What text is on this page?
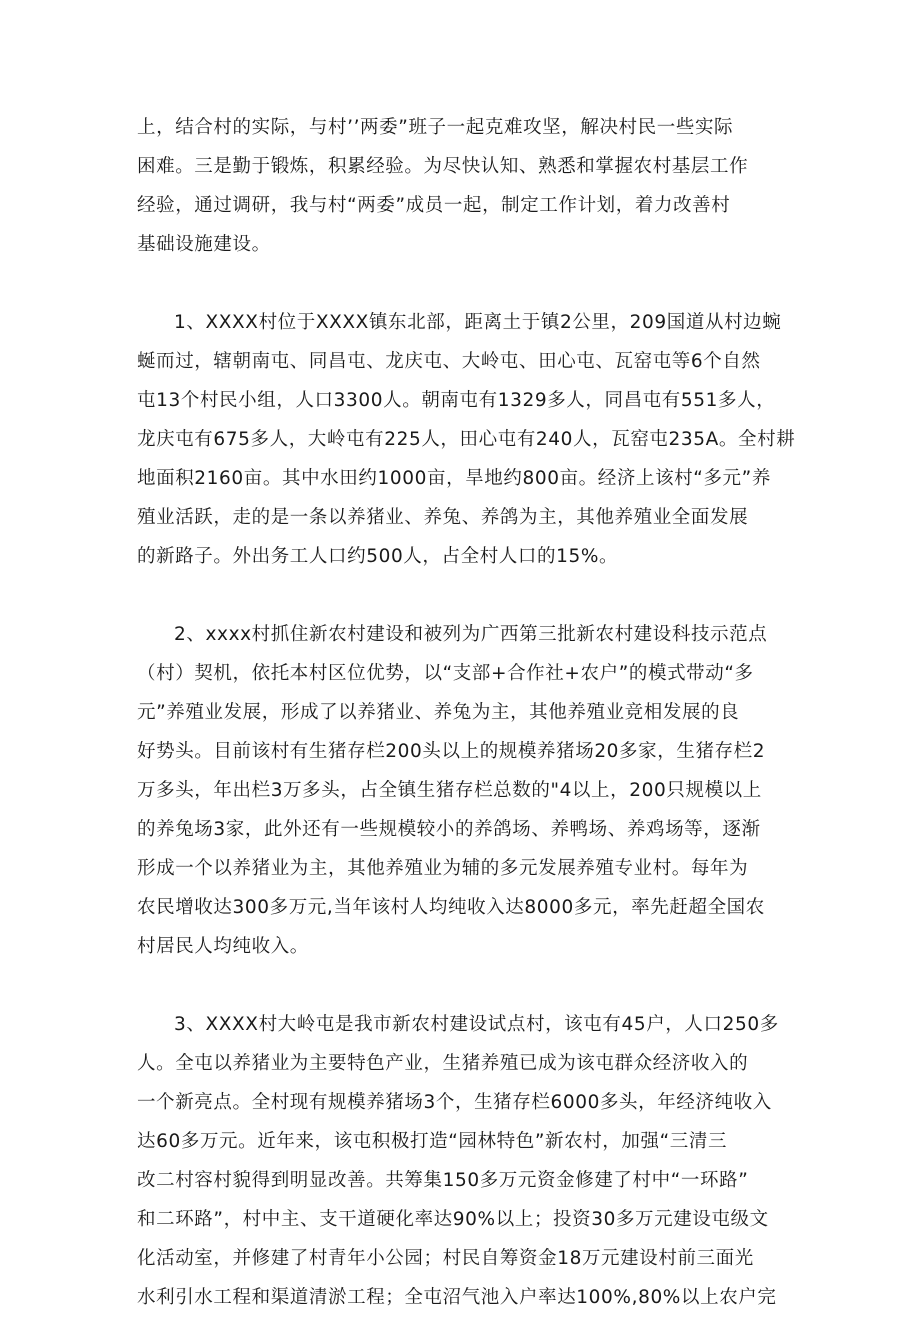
上，结合村的实际，与村’’两委”班子一起克难攻坚，解决村民一些实际
困难。三是勤于锻炼，积累经验。为尽快认知、熟悉和掌握农村基层工作
经验，通过调研，我与村“两委”成员一起，制定工作计划，着力改善村
基础设施建设。
1、XXXX村位于XXXX镇东北部，距离土于镇2公里，209国道从村边蜿
蜒而过，辖朝南屯、同昌屯、龙庆屯、大岭屯、田心屯、瓦窑屯等6个自然
屯13个村民小组，人口3300人。朝南屯有1329多人，同昌屯有551多人，
龙庆屯有675多人，大岭屯有225人，田心屯有240人，瓦窑屯235A。全村耕
地面积2160亩。其中水田约1000亩，旱地约800亩。经济上该村“多元”养
殖业活跃，走的是一条以养猪业、养兔、养鸽为主，其他养殖业全面发展
的新路子。外出务工人口约500人，占全村人口的15%。
2、xxxx村抓住新农村建设和被列为广西第三批新农村建设科技示范点
（村）契机，依托本村区位优势，以“支部+合作社+农户”的模式带动“多
元”养殖业发展，形成了以养猪业、养兔为主，其他养殖业竞相发展的良
好势头。目前该村有生猪存栏200头以上的规模养猪场20多家，生猪存栏2
万多头，年出栏3万多头，占全镇生猪存栏总数的"4以上，200只规模以上
的养兔场3家，此外还有一些规模较小的养鸽场、养鸭场、养鸡场等，逐渐
形成一个以养猪业为主，其他养殖业为辅的多元发展养殖专业村。每年为
农民增收达300多万元,当年该村人均纯收入达8000多元，率先赶超全国农
村居民人均纯收入。
3、XXXX村大岭屯是我市新农村建设试点村，该屯有45户，人口250多
人。全屯以养猪业为主要特色产业，生猪养殖已成为该屯群众经济收入的
一个新亮点。全村现有规模养猪场3个，生猪存栏6000多头，年经济纯收入
达60多万元。近年来，该屯积极打造“园林特色”新农村，加强“三清三
改二村容村貌得到明显改善。共筹集150多万元资金修建了村中“一环路”
和二环路”，村中主、支干道硬化率达90%以上；投资30多万元建设屯级文
化活动室，并修建了村青年小公园；村民自筹资金18万元建设村前三面光
水利引水工程和渠道清淤工程；全屯沼气池入户率达100%,80%以上农户完
